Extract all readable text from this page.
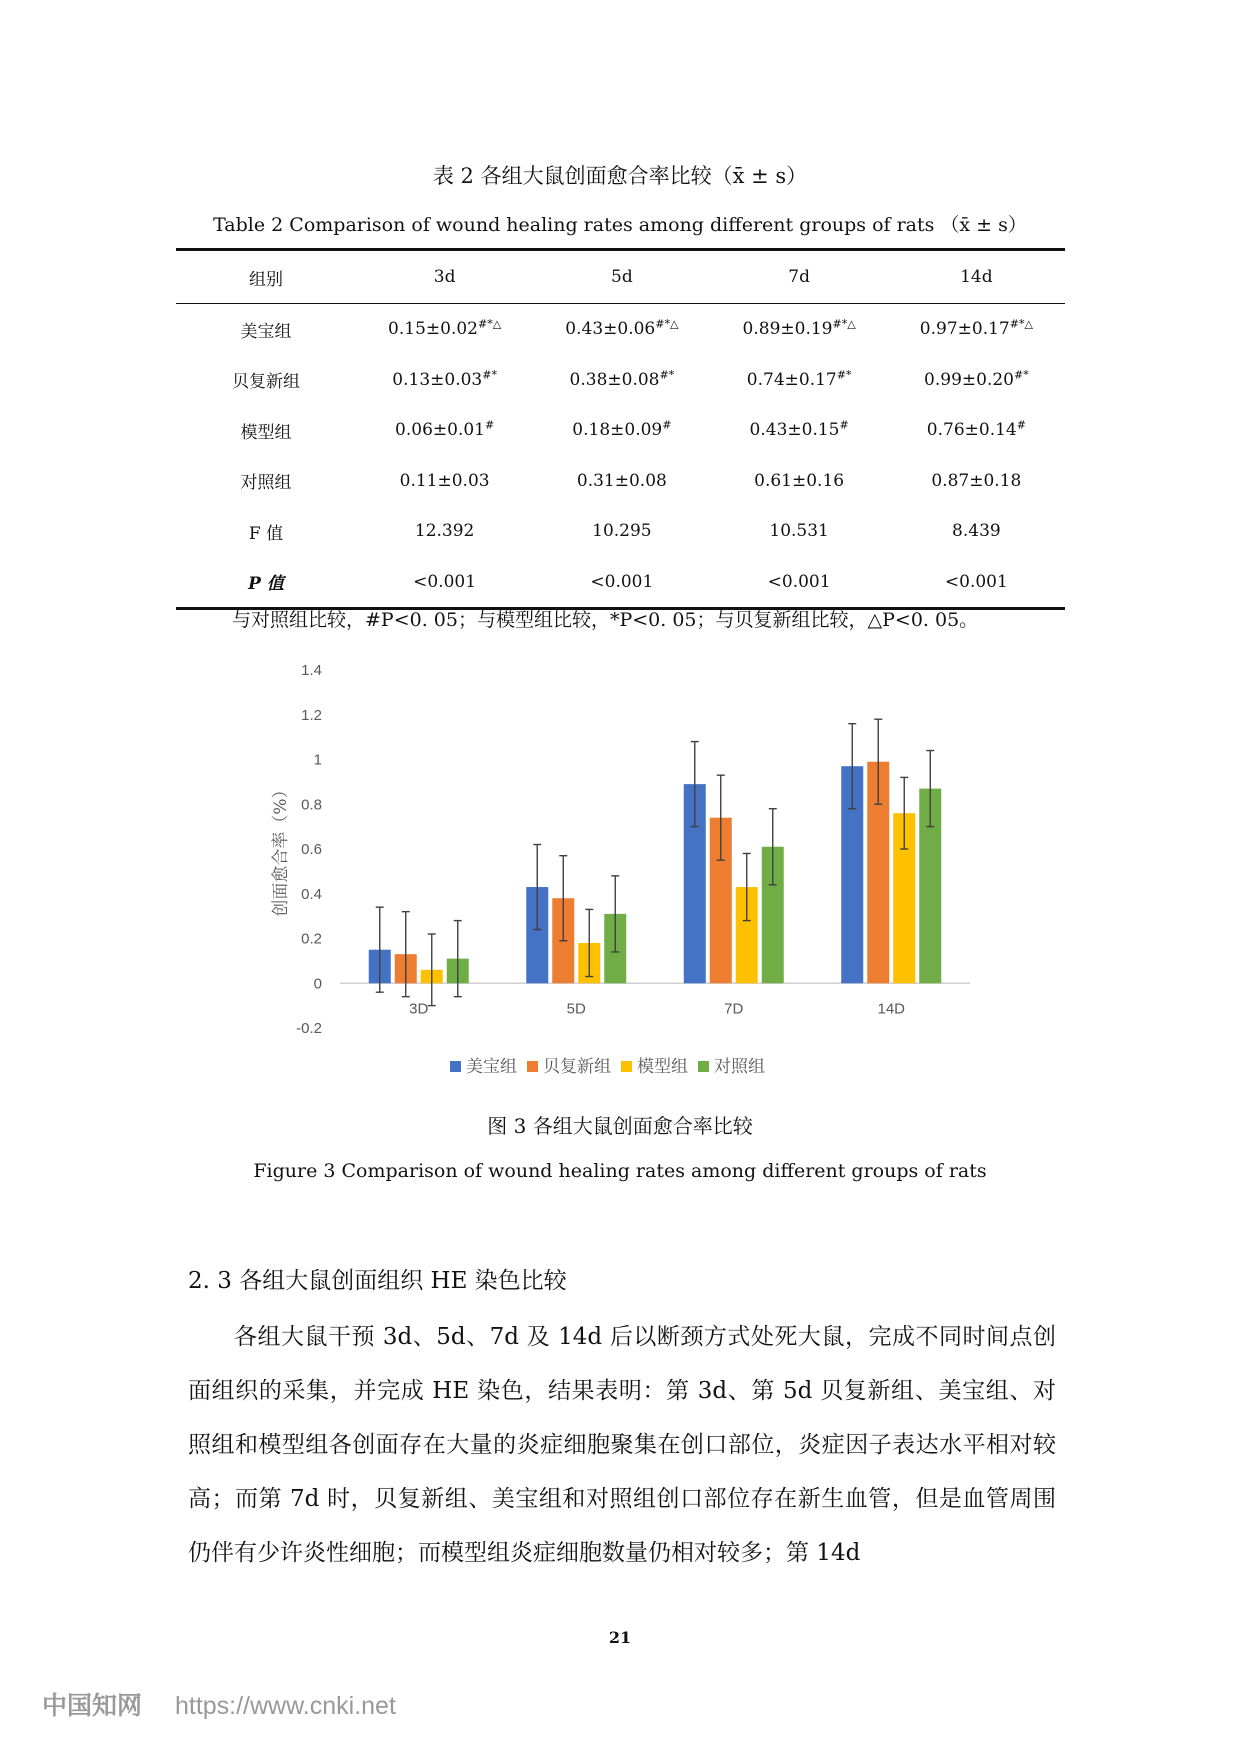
表 2 各组大鼠创面愈合率比较（x̄ ± s）
Table 2 Comparison of wound healing rates among different groups of rats （x̄ ± s）
组别	3d	5d	7d	14d
美宝组	0.15±0.02#*△	0.43±0.06#*△	0.89±0.19#*△	0.97±0.17#*△
贝复新组	0.13±0.03#*	0.38±0.08#*	0.74±0.17#*	0.99±0.20#*
模型组	0.06±0.01#	0.18±0.09#	0.43±0.15#	0.76±0.14#
对照组	0.11±0.03	0.31±0.08	0.61±0.16	0.87±0.18
F 值	12.392	10.295	10.531	8.439
P 值	<0.001	<0.001	<0.001	<0.001
与对照组比较，#P<0. 05；与模型组比较，*P<0. 05；与贝复新组比较，△P<0. 05。
-0.2
0
0.2
0.4
0.6
0.8
1
1.2
1.4
创面愈合率（%）
3D	5D	7D	14D
美宝组 贝复新组 模型组 对照组
图 3 各组大鼠创面愈合率比较
Figure 3 Comparison of wound healing rates among different groups of rats
2. 3 各组大鼠创面组织 HE 染色比较

各组大鼠干预 3d、5d、7d 及 14d 后以断颈方式处死大鼠，完成不同时间点创面组织的采集，并完成 HE 染色，结果表明：第 3d、第 5d 贝复新组、美宝组、对照组和模型组各创面存在大量的炎症细胞聚集在创口部位，炎症因子表达水平相对较高；而第 7d 时，贝复新组、美宝组和对照组创口部位存在新生血管，但是血管周围仍伴有少许炎性细胞；而模型组炎症细胞数量仍相对较多；第 14d

21
中国知网 https://www.cnki.net
